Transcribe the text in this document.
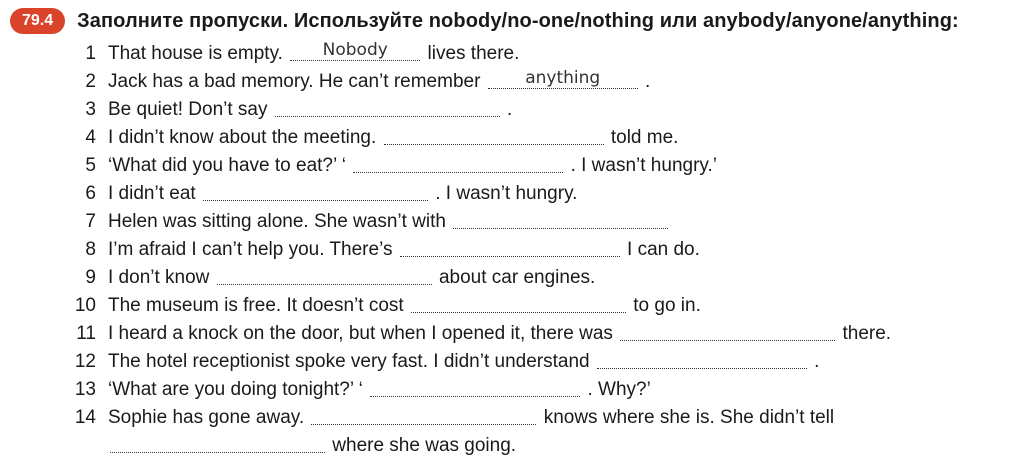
79.4	Заполните пропуски. Используйте nobody/no-one/nothing или anybody/anyone/anything:
1 That house is empty.	Nobody	lives there.
2 Jack has a bad memory. He can’t remember	anything	.
3 Be quiet! Don’t say	.
4 I didn’t know about the meeting.	told me.
5 ‘What did you have to eat?’ ‘	. I wasn’t hungry.’
6 I didn’t eat	. I wasn’t hungry.
7 Helen was sitting alone. She wasn’t with
8 I’m afraid I can’t help you. There’s	I can do.
9 I don’t know	about car engines.
10 The museum is free. It doesn’t cost	to go in.
11 I heard a knock on the door, but when I opened it, there was	there.
12 The hotel receptionist spoke very fast. I didn’t understand	.
13 ‘What are you doing tonight?’ ‘	. Why?’
14 Sophie has gone away.	knows where she is. She didn’t tell
where she was going.
